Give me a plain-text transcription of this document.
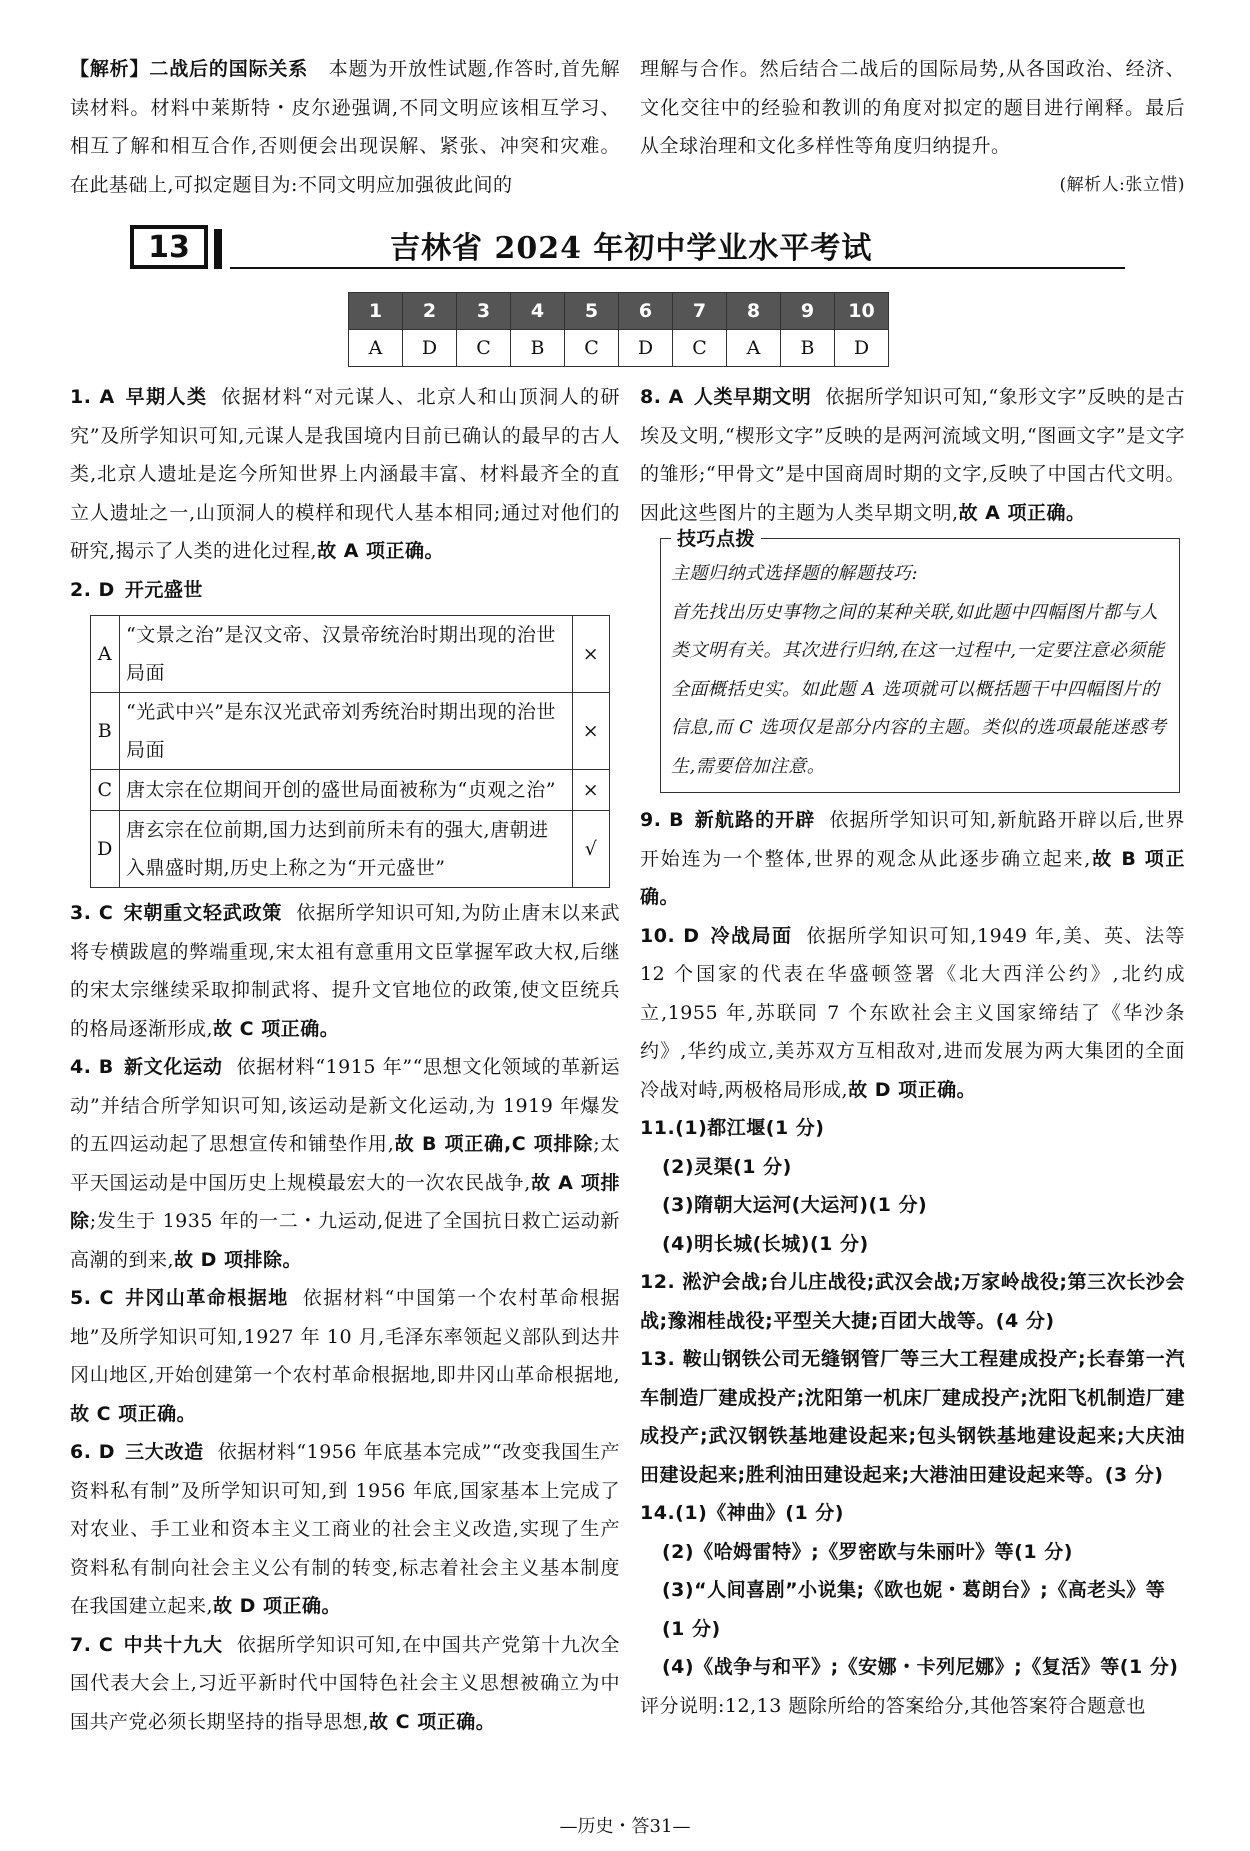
【解析】二战后的国际关系 本题为开放性试题,作答时,首先解读材料。材料中莱斯特・皮尔逊强调,不同文明应该相互学习、相互了解和相互合作,否则便会出现误解、紧张、冲突和灾难。在此基础上,可拟定题目为:不同文明应加强彼此间的

理解与合作。然后结合二战后的国际局势,从各国政治、经济、文化交往中的经验和教训的角度对拟定的题目进行阐释。最后从全球治理和文化多样性等角度归纳提升。

(解析人:张立惜)

13	吉林省 2024 年初中学业水平考试
1	2	3	4	5	6	7	8	9	10
A	D	C	B	C	D	C	A	B	D

1. A 早期人类 依据材料“对元谋人、北京人和山顶洞人的研究”及所学知识可知,元谋人是我国境内目前已确认的最早的古人类,北京人遗址是迄今所知世界上内涵最丰富、材料最齐全的直立人遗址之一,山顶洞人的模样和现代人基本相同;通过对他们的研究,揭示了人类的进化过程,故 A 项正确。

2. D 开元盛世

A	“文景之治”是汉文帝、汉景帝统治时期出现的治世局面	×
B	“光武中兴”是东汉光武帝刘秀统治时期出现的治世局面	×
C	唐太宗在位期间开创的盛世局面被称为“贞观之治”	×
D	唐玄宗在位前期,国力达到前所未有的强大,唐朝进入鼎盛时期,历史上称之为“开元盛世”	√

3. C 宋朝重文轻武政策 依据所学知识可知,为防止唐末以来武将专横跋扈的弊端重现,宋太祖有意重用文臣掌握军政大权,后继的宋太宗继续采取抑制武将、提升文官地位的政策,使文臣统兵的格局逐渐形成,故 C 项正确。

4. B 新文化运动 依据材料“1915 年”“思想文化领域的革新运动”并结合所学知识可知,该运动是新文化运动,为 1919 年爆发的五四运动起了思想宣传和铺垫作用,故 B 项正确,C 项排除;太平天国运动是中国历史上规模最宏大的一次农民战争,故 A 项排除;发生于 1935 年的一二・九运动,促进了全国抗日救亡运动新高潮的到来,故 D 项排除。

5. C 井冈山革命根据地 依据材料“中国第一个农村革命根据地”及所学知识可知,1927 年 10 月,毛泽东率领起义部队到达井冈山地区,开始创建第一个农村革命根据地,即井冈山革命根据地,故 C 项正确。

6. D 三大改造 依据材料“1956 年底基本完成”“改变我国生产资料私有制”及所学知识可知,到 1956 年底,国家基本上完成了对农业、手工业和资本主义工商业的社会主义改造,实现了生产资料私有制向社会主义公有制的转变,标志着社会主义基本制度在我国建立起来,故 D 项正确。

7. C 中共十九大 依据所学知识可知,在中国共产党第十九次全国代表大会上,习近平新时代中国特色社会主义思想被确立为中国共产党必须长期坚持的指导思想,故 C 项正确。

8. A 人类早期文明 依据所学知识可知,“象形文字”反映的是古埃及文明,“楔形文字”反映的是两河流域文明,“图画文字”是文字的雏形;“甲骨文”是中国商周时期的文字,反映了中国古代文明。因此这些图片的主题为人类早期文明,故 A 项正确。

技巧点拨
主题归纳式选择题的解题技巧:
首先找出历史事物之间的某种关联,如此题中四幅图片都与人类文明有关。其次进行归纳,在这一过程中,一定要注意必须能全面概括史实。如此题 A 选项就可以概括题干中四幅图片的信息,而 C 选项仅是部分内容的主题。类似的选项最能迷惑考生,需要倍加注意。

9. B 新航路的开辟 依据所学知识可知,新航路开辟以后,世界开始连为一个整体,世界的观念从此逐步确立起来,故 B 项正确。

10. D 冷战局面 依据所学知识可知,1949 年,美、英、法等12 个国家的代表在华盛顿签署《北大西洋公约》,北约成立,1955 年,苏联同 7 个东欧社会主义国家缔结了《华沙条约》,华约成立,美苏双方互相敌对,进而发展为两大集团的全面冷战对峙,两极格局形成,故 D 项正确。

11.(1)都江堰(1 分)
(2)灵渠(1 分)
(3)隋朝大运河(大运河)(1 分)
(4)明长城(长城)(1 分)

12. 淞沪会战;台儿庄战役;武汉会战;万家岭战役;第三次长沙会战;豫湘桂战役;平型关大捷;百团大战等。(4 分)

13. 鞍山钢铁公司无缝钢管厂等三大工程建成投产;长春第一汽车制造厂建成投产;沈阳第一机床厂建成投产;沈阳飞机制造厂建成投产;武汉钢铁基地建设起来;包头钢铁基地建设起来;大庆油田建设起来;胜利油田建设起来;大港油田建设起来等。(3 分)

14.(1)《神曲》(1 分)
(2)《哈姆雷特》;《罗密欧与朱丽叶》等(1 分)
(3)“人间喜剧”小说集;《欧也妮・葛朗台》;《高老头》等(1 分)
(4)《战争与和平》;《安娜・卡列尼娜》;《复活》等(1 分)

评分说明:12,13 题除所给的答案给分,其他答案符合题意也

—历史・答31—
